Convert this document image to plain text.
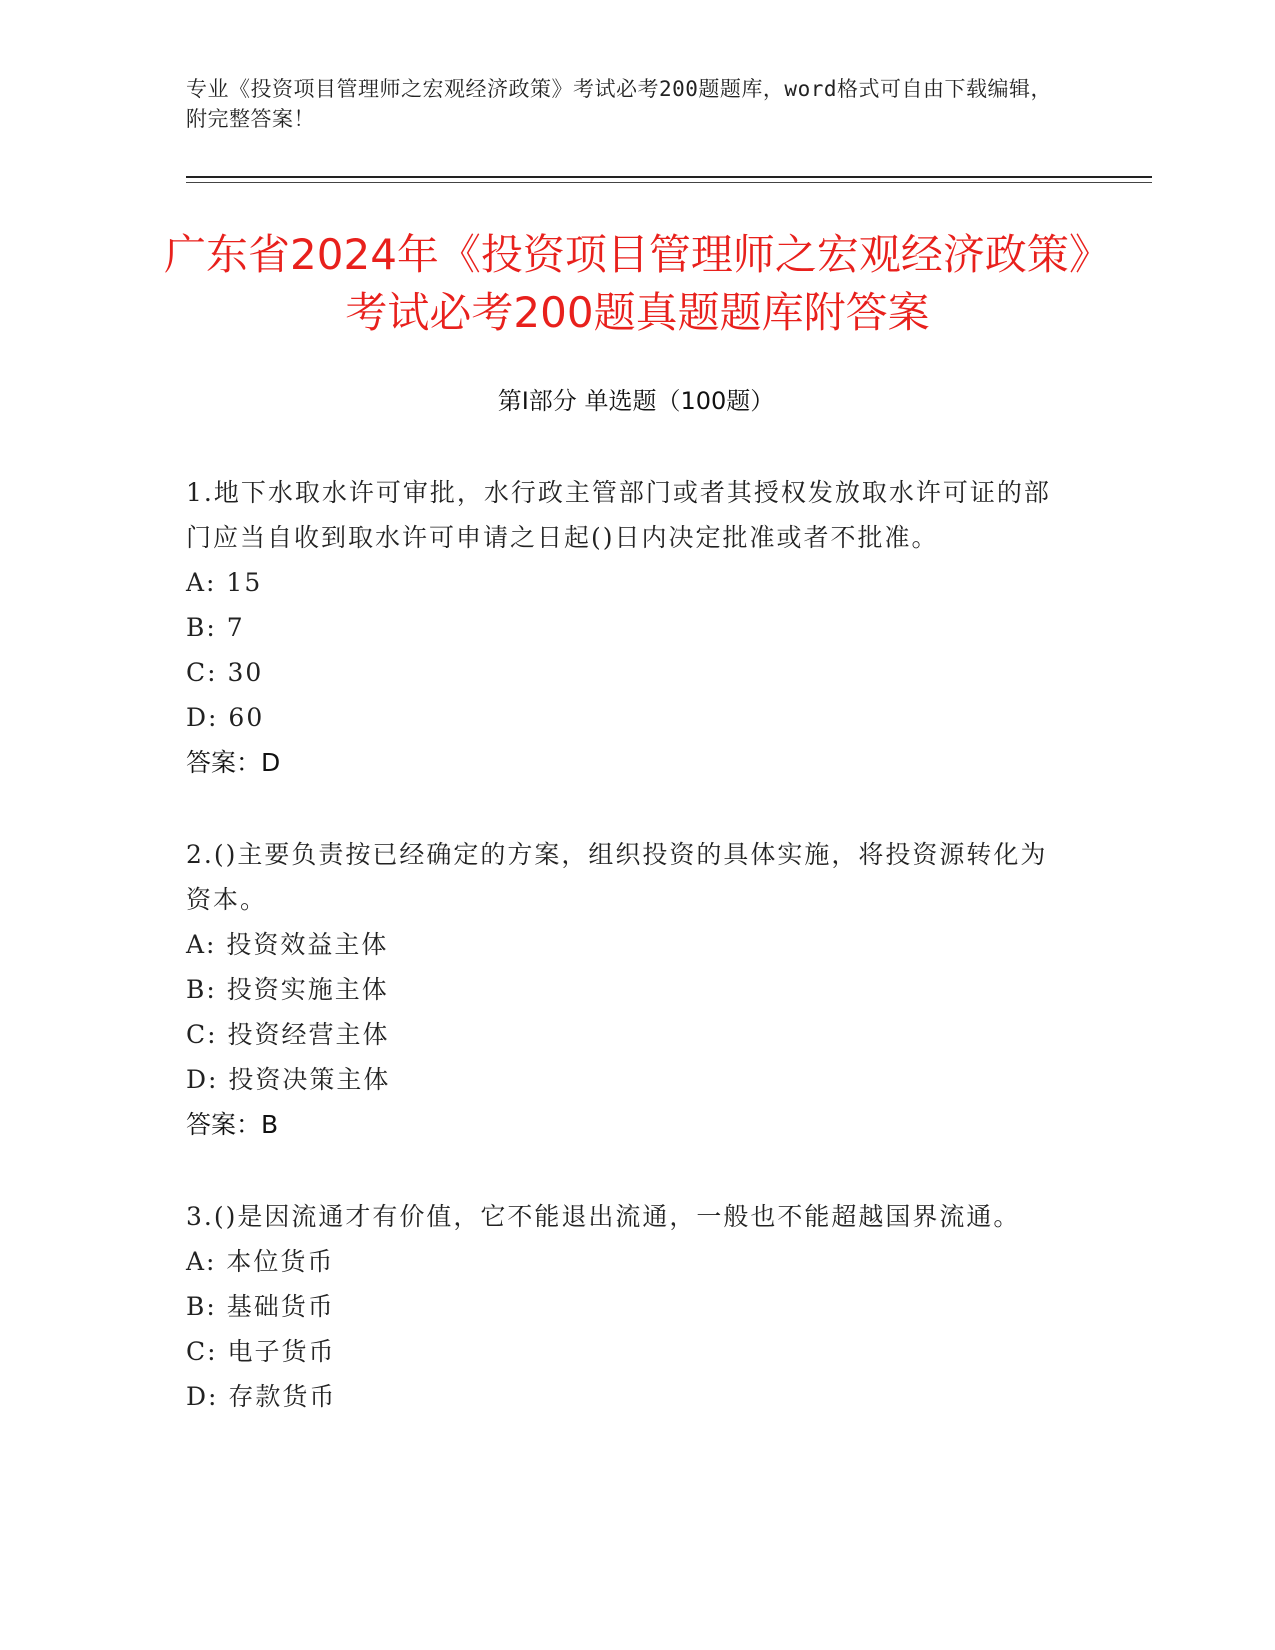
专业《投资项目管理师之宏观经济政策》考试必考200题题库，word格式可自由下载编辑，附完整答案！
广东省2024年《投资项目管理师之宏观经济政策》考试必考200题真题题库附答案
第Ⅰ部分 单选题（100题）

1.地下水取水许可审批，水行政主管部门或者其授权发放取水许可证的部门应当自收到取水许可申请之日起()日内决定批准或者不批准。

A: 15

B: 7

C: 30

D: 60

答案：D

2.()主要负责按已经确定的方案，组织投资的具体实施，将投资源转化为资本。

A: 投资效益主体

B: 投资实施主体

C: 投资经营主体

D: 投资决策主体

答案：B

3.()是因流通才有价值，它不能退出流通，一般也不能超越国界流通。

A: 本位货币

B: 基础货币

C: 电子货币

D: 存款货币
